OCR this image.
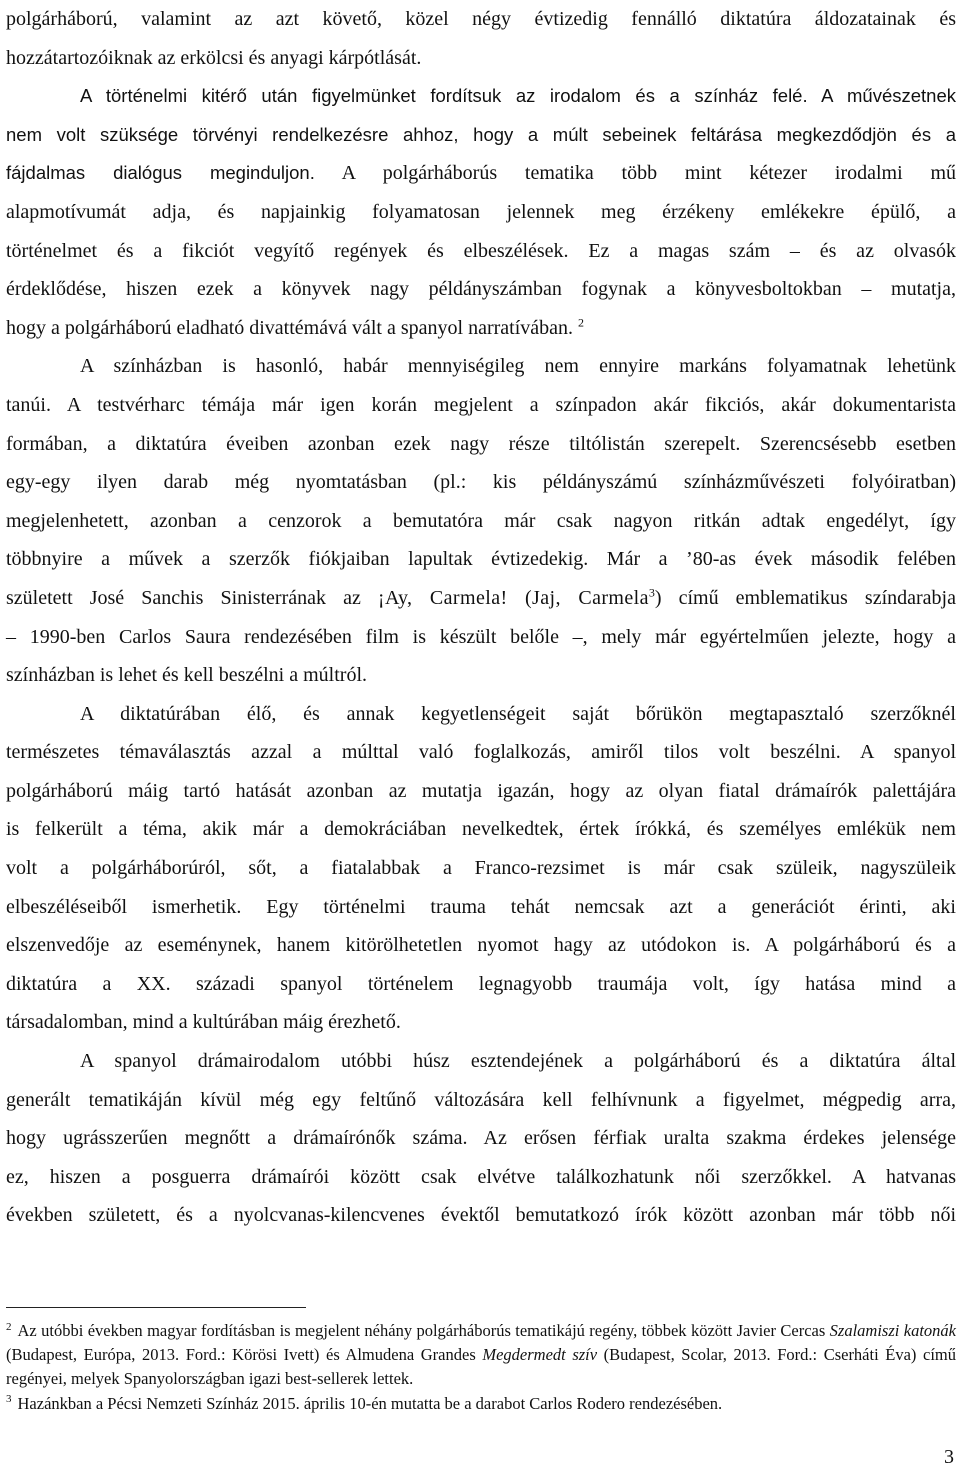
polgárháború, valamint az azt követő, közel négy évtizedig fennálló diktatúra áldozatainak és

hozzátartozóiknak az erkölcsi és anyagi kárpótlását.

A történelmi kitérő után figyelmünket fordítsuk az irodalom és a színház felé. A művészetnek

nem volt szüksége törvényi rendelkezésre ahhoz, hogy a múlt sebeinek feltárása megkezdődjön és a

fájdalmas dialógus meginduljon. A polgárháborús tematika több mint kétezer irodalmi mű

alapmotívumát adja, és napjainkig folyamatosan jelennek meg érzékeny emlékekre épülő, a

történelmet és a fikciót vegyítő regények és elbeszélések. Ez a magas szám – és az olvasók

érdeklődése, hiszen ezek a könyvek nagy példányszámban fogynak a könyvesboltokban – mutatja,

hogy a polgárháború eladható divattémává vált a spanyol narratívában. $^2$

A színházban is hasonló, habár mennyiségileg nem ennyire markáns folyamatnak lehetünk

tanúi. A testvérharc témája már igen korán megjelent a színpadon akár fikciós, akár dokumentarista

formában, a diktatúra éveiben azonban ezek nagy része tiltólistán szerepelt. Szerencsésebb esetben

egy-egy ilyen darab még nyomtatásban (pl.: kis példányszámú színházművészeti folyóiratban)

megjelenhetett, azonban a cenzorok a bemutatóra már csak nagyon ritkán adtak engedélyt, így

többnyire a művek a szerzők fiókjaiban lapultak évtizedekig. Már a ’80-as évek második felében

született José Sanchis Sinisterrának az ¡Ay, Carmela! (Jaj, Carmela$^3$) című emblematikus színdarabja

– 1990-ben Carlos Saura rendezésében film is készült belőle –, mely már egyértelműen jelezte, hogy a

színházban is lehet és kell beszélni a múltról.

A diktatúrában élő, és annak kegyetlenségeit saját bőrükön megtapasztaló szerzőknél

természetes témaválasztás azzal a múlttal való foglalkozás, amiről tilos volt beszélni. A spanyol

polgárháború máig tartó hatását azonban az mutatja igazán, hogy az olyan fiatal drámaírók palettájára

is felkerült a téma, akik már a demokráciában nevelkedtek, értek írókká, és személyes emlékük nem

volt a polgárháborúról, sőt, a fiatalabbak a Franco-rezsimet is már csak szüleik, nagyszüleik

elbeszéléseiből ismerhetik. Egy történelmi trauma tehát nemcsak azt a generációt érinti, aki

elszenvedője az eseménynek, hanem kitörölhetetlen nyomot hagy az utódokon is. A polgárháború és a

diktatúra a XX. századi spanyol történelem legnagyobb traumája volt, így hatása mind a

társadalomban, mind a kultúrában máig érezhető.

A spanyol drámairodalom utóbbi húsz esztendejének a polgárháború és a diktatúra által

generált tematikáján kívül még egy feltűnő változására kell felhívnunk a figyelmet, mégpedig arra,

hogy ugrásszerűen megnőtt a drámaírónők száma. Az erősen férfiak uralta szakma érdekes jelensége

ez, hiszen a posguerra drámaírói között csak elvétve találkozhatunk női szerzőkkel. A hatvanas

években született, és a nyolcvanas-kilencvenes évektől bemutatkozó írók között azonban már több női

$^2$ Az utóbbi években magyar fordításban is megjelent néhány polgárháborús tematikájú regény, többek között Javier Cercas Szalamiszi katonák (Budapest, Európa, 2013. Ford.: Körösi Ivett) és Almudena Grandes Megdermedt szív (Budapest, Scolar, 2013. Ford.: Cserháti Éva) című regényei, melyek Spanyolországban igazi best-sellerek lettek.

$^3$ Hazánkban a Pécsi Nemzeti Színház 2015. április 10-én mutatta be a darabot Carlos Rodero rendezésében.

3
